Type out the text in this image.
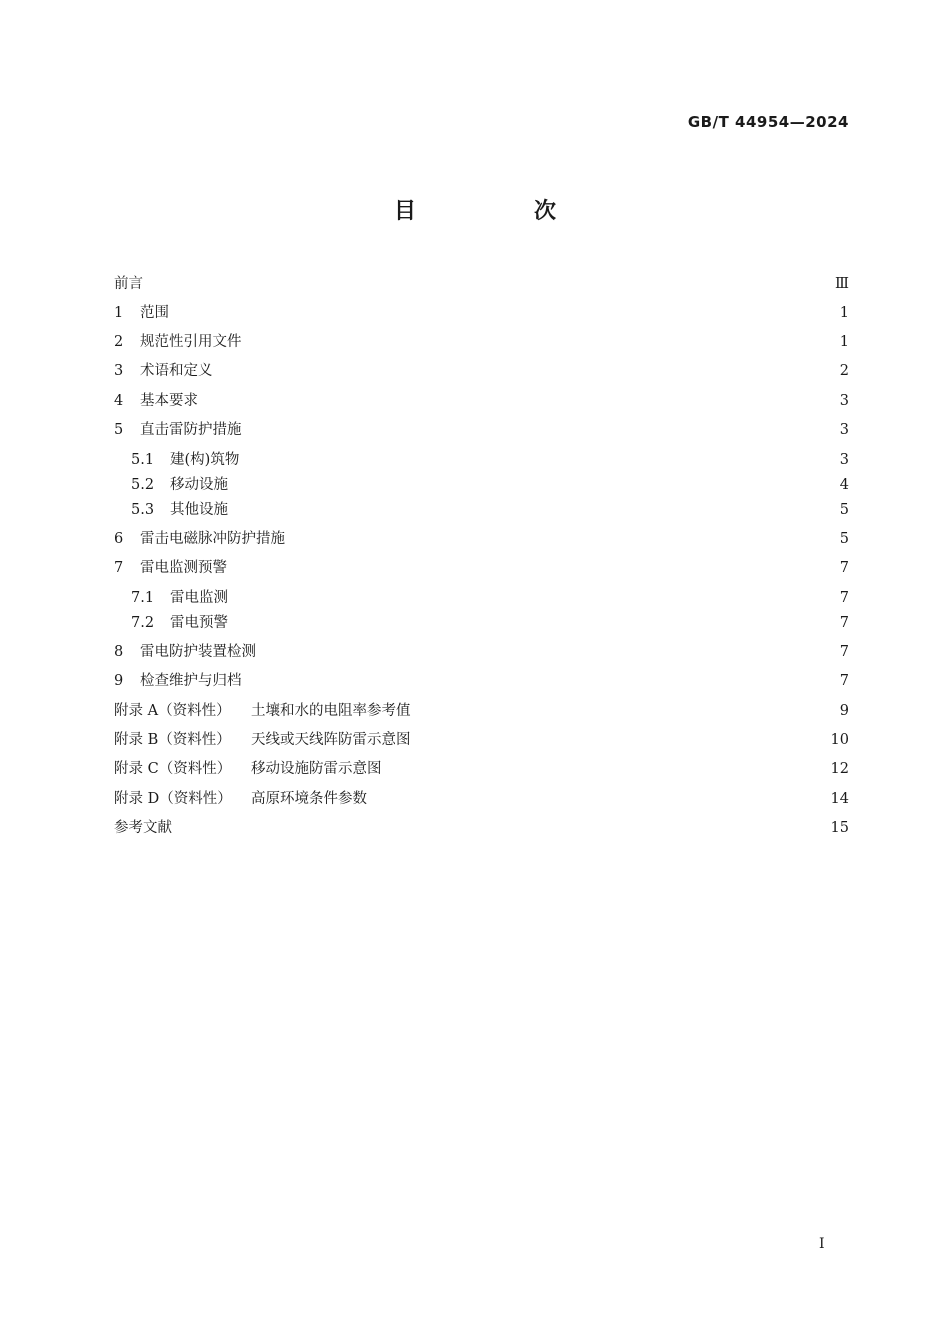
GB/T 44954—2024
目　次
前言	Ⅲ
1	范围	1
2	规范性引用文件	1
3	术语和定义	2
4	基本要求	3
5	直击雷防护措施	3
5.1	建(构)筑物	3
5.2	移动设施	4
5.3	其他设施	5
6	雷击电磁脉冲防护措施	5
7	雷电监测预警	7
7.1	雷电监测	7
7.2	雷电预警	7
8	雷电防护装置检测	7
9	检查维护与归档	7
附录 A（资料性）	土壤和水的电阻率参考值	9
附录 B（资料性）	天线或天线阵防雷示意图	10
附录 C（资料性）	移动设施防雷示意图	12
附录 D（资料性）	高原环境条件参数	14
参考文献	15
Ⅰ
